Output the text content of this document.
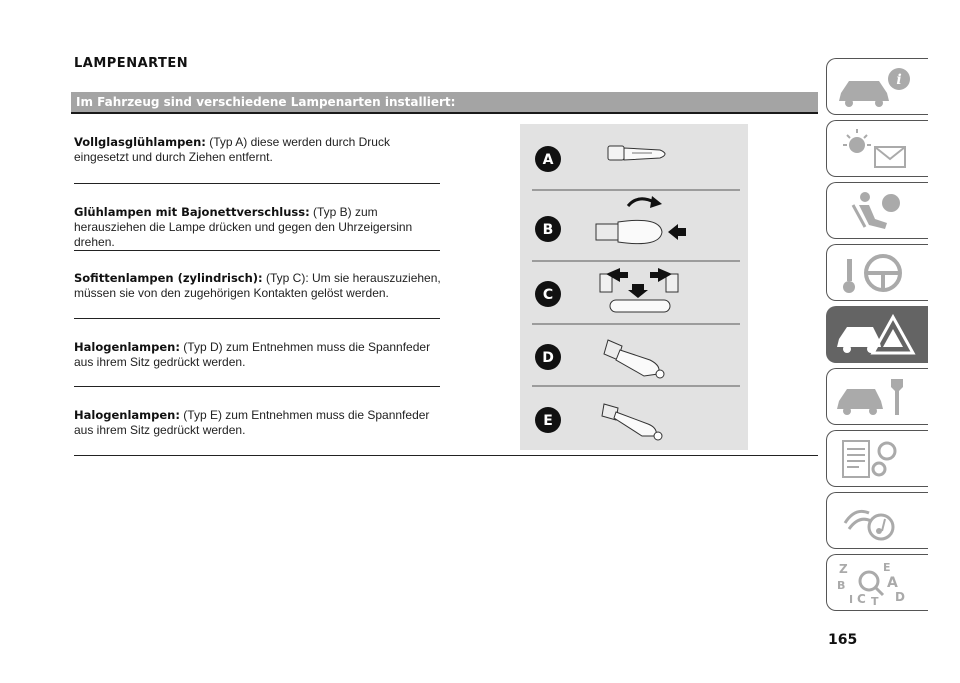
LAMPENARTEN
Im Fahrzeug sind verschiedene Lampenarten installiert:
Vollglasglühlampen: (Typ A) diese werden durch Druck eingesetzt und durch Ziehen entfernt.
Glühlampen mit Bajonettverschluss: (Typ B) zum herausziehen die Lampe drücken und gegen den Uhrzeigersinn drehen.
Sofittenlampen (zylindrisch): (Typ C): Um sie herauszuziehen, müssen sie von den zugehörigen Kontakten gelöst werden.
Halogenlampen: (Typ D) zum Entnehmen muss die Spannfeder aus ihrem Sitz gedrückt werden.
Halogenlampen: (Typ E) zum Entnehmen muss die Spannfeder aus ihrem Sitz gedrückt werden.
A
B
C
D
E
i
Z	E
A
B
I C T D
165
